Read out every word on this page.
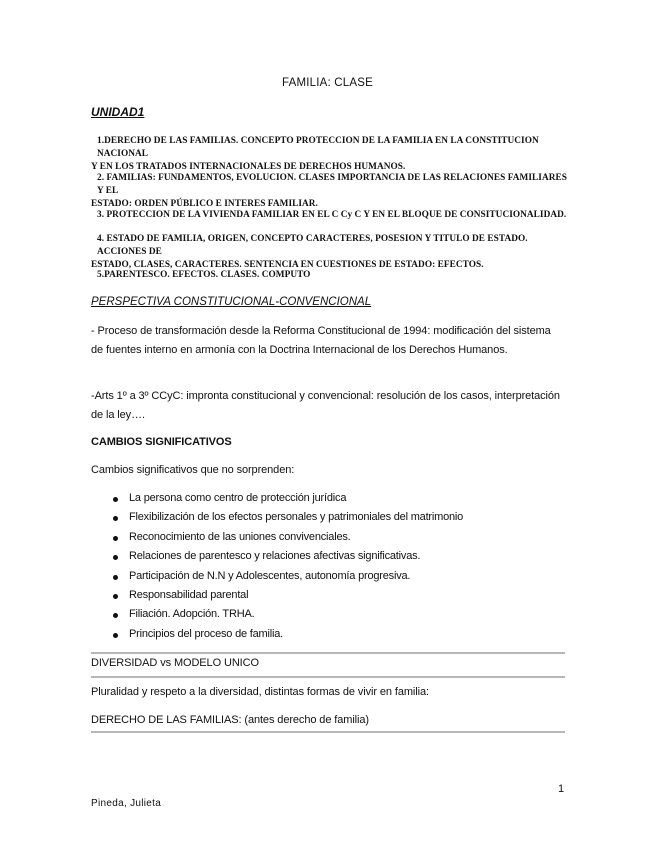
FAMILIA: CLASE
UNIDAD1
1.DERECHO DE LAS FAMILIAS. CONCEPTO PROTECCION DE LA FAMILIA EN LA CONSTITUCION NACIONAL
Y EN LOS TRATADOS INTERNACIONALES DE DERECHOS HUMANOS.
2. FAMILIAS: FUNDAMENTOS, EVOLUCION. CLASES IMPORTANCIA DE LAS RELACIONES FAMILIARES Y EL
ESTADO: ORDEN PÚBLICO E INTERES FAMILIAR.
3. PROTECCION DE LA VIVIENDA FAMILIAR EN EL C Cy C Y EN EL BLOQUE DE CONSITUCIONALIDAD.
4. ESTADO DE FAMILIA, ORIGEN, CONCEPTO CARACTERES, POSESION Y TITULO DE ESTADO. ACCIONES DE
ESTADO, CLASES, CARACTERES. SENTENCIA EN CUESTIONES DE ESTADO: EFECTOS.
5.PARENTESCO. EFECTOS. CLASES. COMPUTO
PERSPECTIVA CONSTITUCIONAL-CONVENCIONAL
- Proceso de transformación desde la Reforma Constitucional de 1994: modificación del sistema de fuentes interno en armonía con la Doctrina Internacional de los Derechos Humanos.
-Arts 1º a 3º CCyC: impronta constitucional y convencional: resolución de los casos, interpretación de la ley….
CAMBIOS SIGNIFICATIVOS
Cambios significativos que no sorprenden:
La persona como centro de protección jurídica
Flexibilización de los efectos personales y patrimoniales del matrimonio
Reconocimiento de las uniones convivenciales.
Relaciones de parentesco y relaciones afectivas significativas.
Participación de N.N y Adolescentes, autonomía progresiva.
Responsabilidad parental
Filiación. Adopción. TRHA.
Principios del proceso de familia.
DIVERSIDAD vs MODELO UNICO
Pluralidad y respeto a la diversidad, distintas formas de vivir en familia:
DERECHO DE LAS FAMILIAS: (antes derecho de familia)
1
Pineda, Julieta
